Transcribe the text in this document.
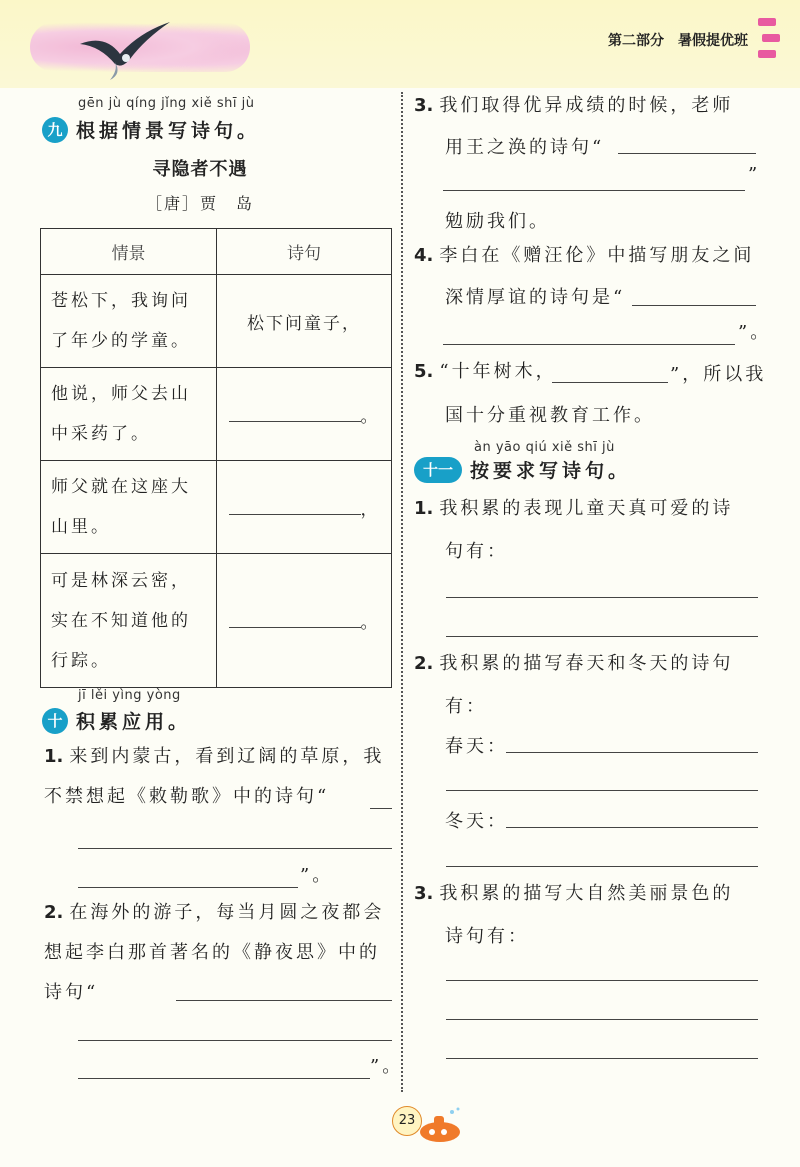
第二部分　暑假提优班
gēn jù qíng jǐng xiě shī jù
九 根据情景写诗句。
寻隐者不遇
［唐］贾　岛
情景	诗句
苍松下，我询问了年少的学童。	松下问童子，
他说，师父去山中采药了。	。
师父就在这座大山里。	，
可是林深云密，实在不知道他的行踪。	。
jī lěi yìng yòng
十 积累应用。
1. 来到内蒙古，看到辽阔的草原，我不禁想起《敕勒歌》中的诗句“
”。
2. 在海外的游子，每当月圆之夜都会想起李白那首著名的《静夜思》中的诗句“
”。
3. 我们取得优异成绩的时候，老师
用王之涣的诗句“
”
勉励我们。
4. 李白在《赠汪伦》中描写朋友之间
深情厚谊的诗句是“
”。
5. “十年树木，	”，所以我
国十分重视教育工作。
àn yāo qiú xiě shī jù
十一 按要求写诗句。
1. 我积累的表现儿童天真可爱的诗
句有：
2. 我积累的描写春天和冬天的诗句
有：
春天：
冬天：
3. 我积累的描写大自然美丽景色的
诗句有：
23
